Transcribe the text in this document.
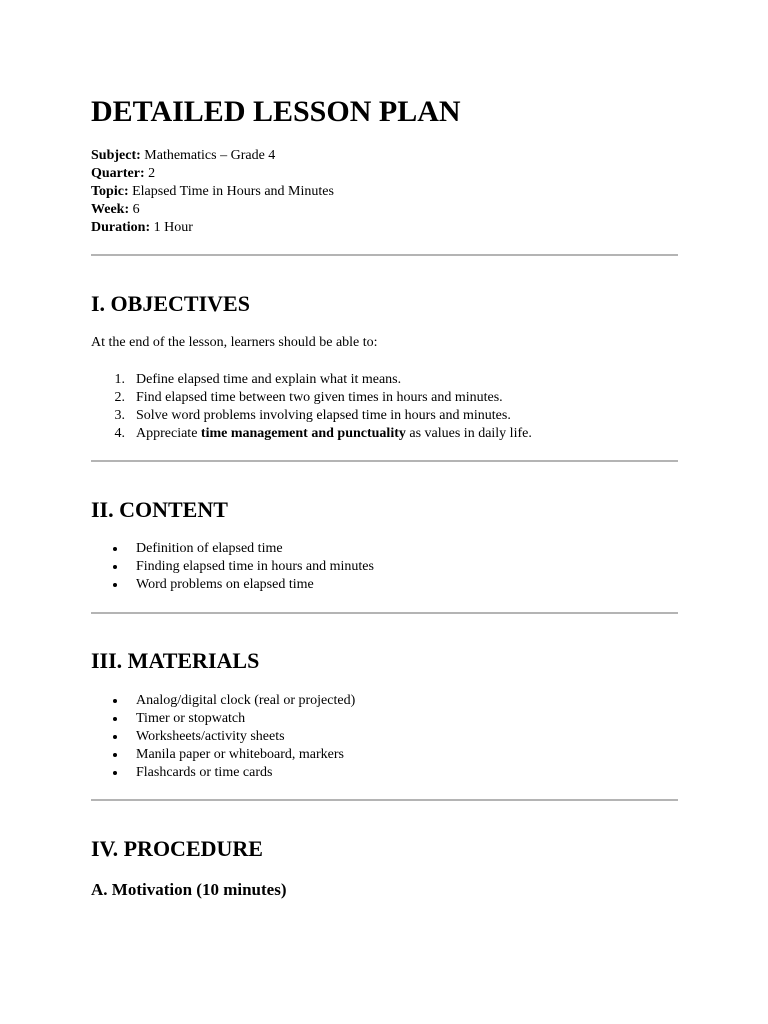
DETAILED LESSON PLAN
Subject: Mathematics – Grade 4
Quarter: 2
Topic: Elapsed Time in Hours and Minutes
Week: 6
Duration: 1 Hour
I. OBJECTIVES

At the end of the lesson, learners should be able to:

1. Define elapsed time and explain what it means.
2. Find elapsed time between two given times in hours and minutes.
3. Solve word problems involving elapsed time in hours and minutes.
4. Appreciate time management and punctuality as values in daily life.
II. CONTENT
Definition of elapsed time
Finding elapsed time in hours and minutes
Word problems on elapsed time
III. MATERIALS
Analog/digital clock (real or projected)
Timer or stopwatch
Worksheets/activity sheets
Manila paper or whiteboard, markers
Flashcards or time cards
IV. PROCEDURE
A. Motivation (10 minutes)
